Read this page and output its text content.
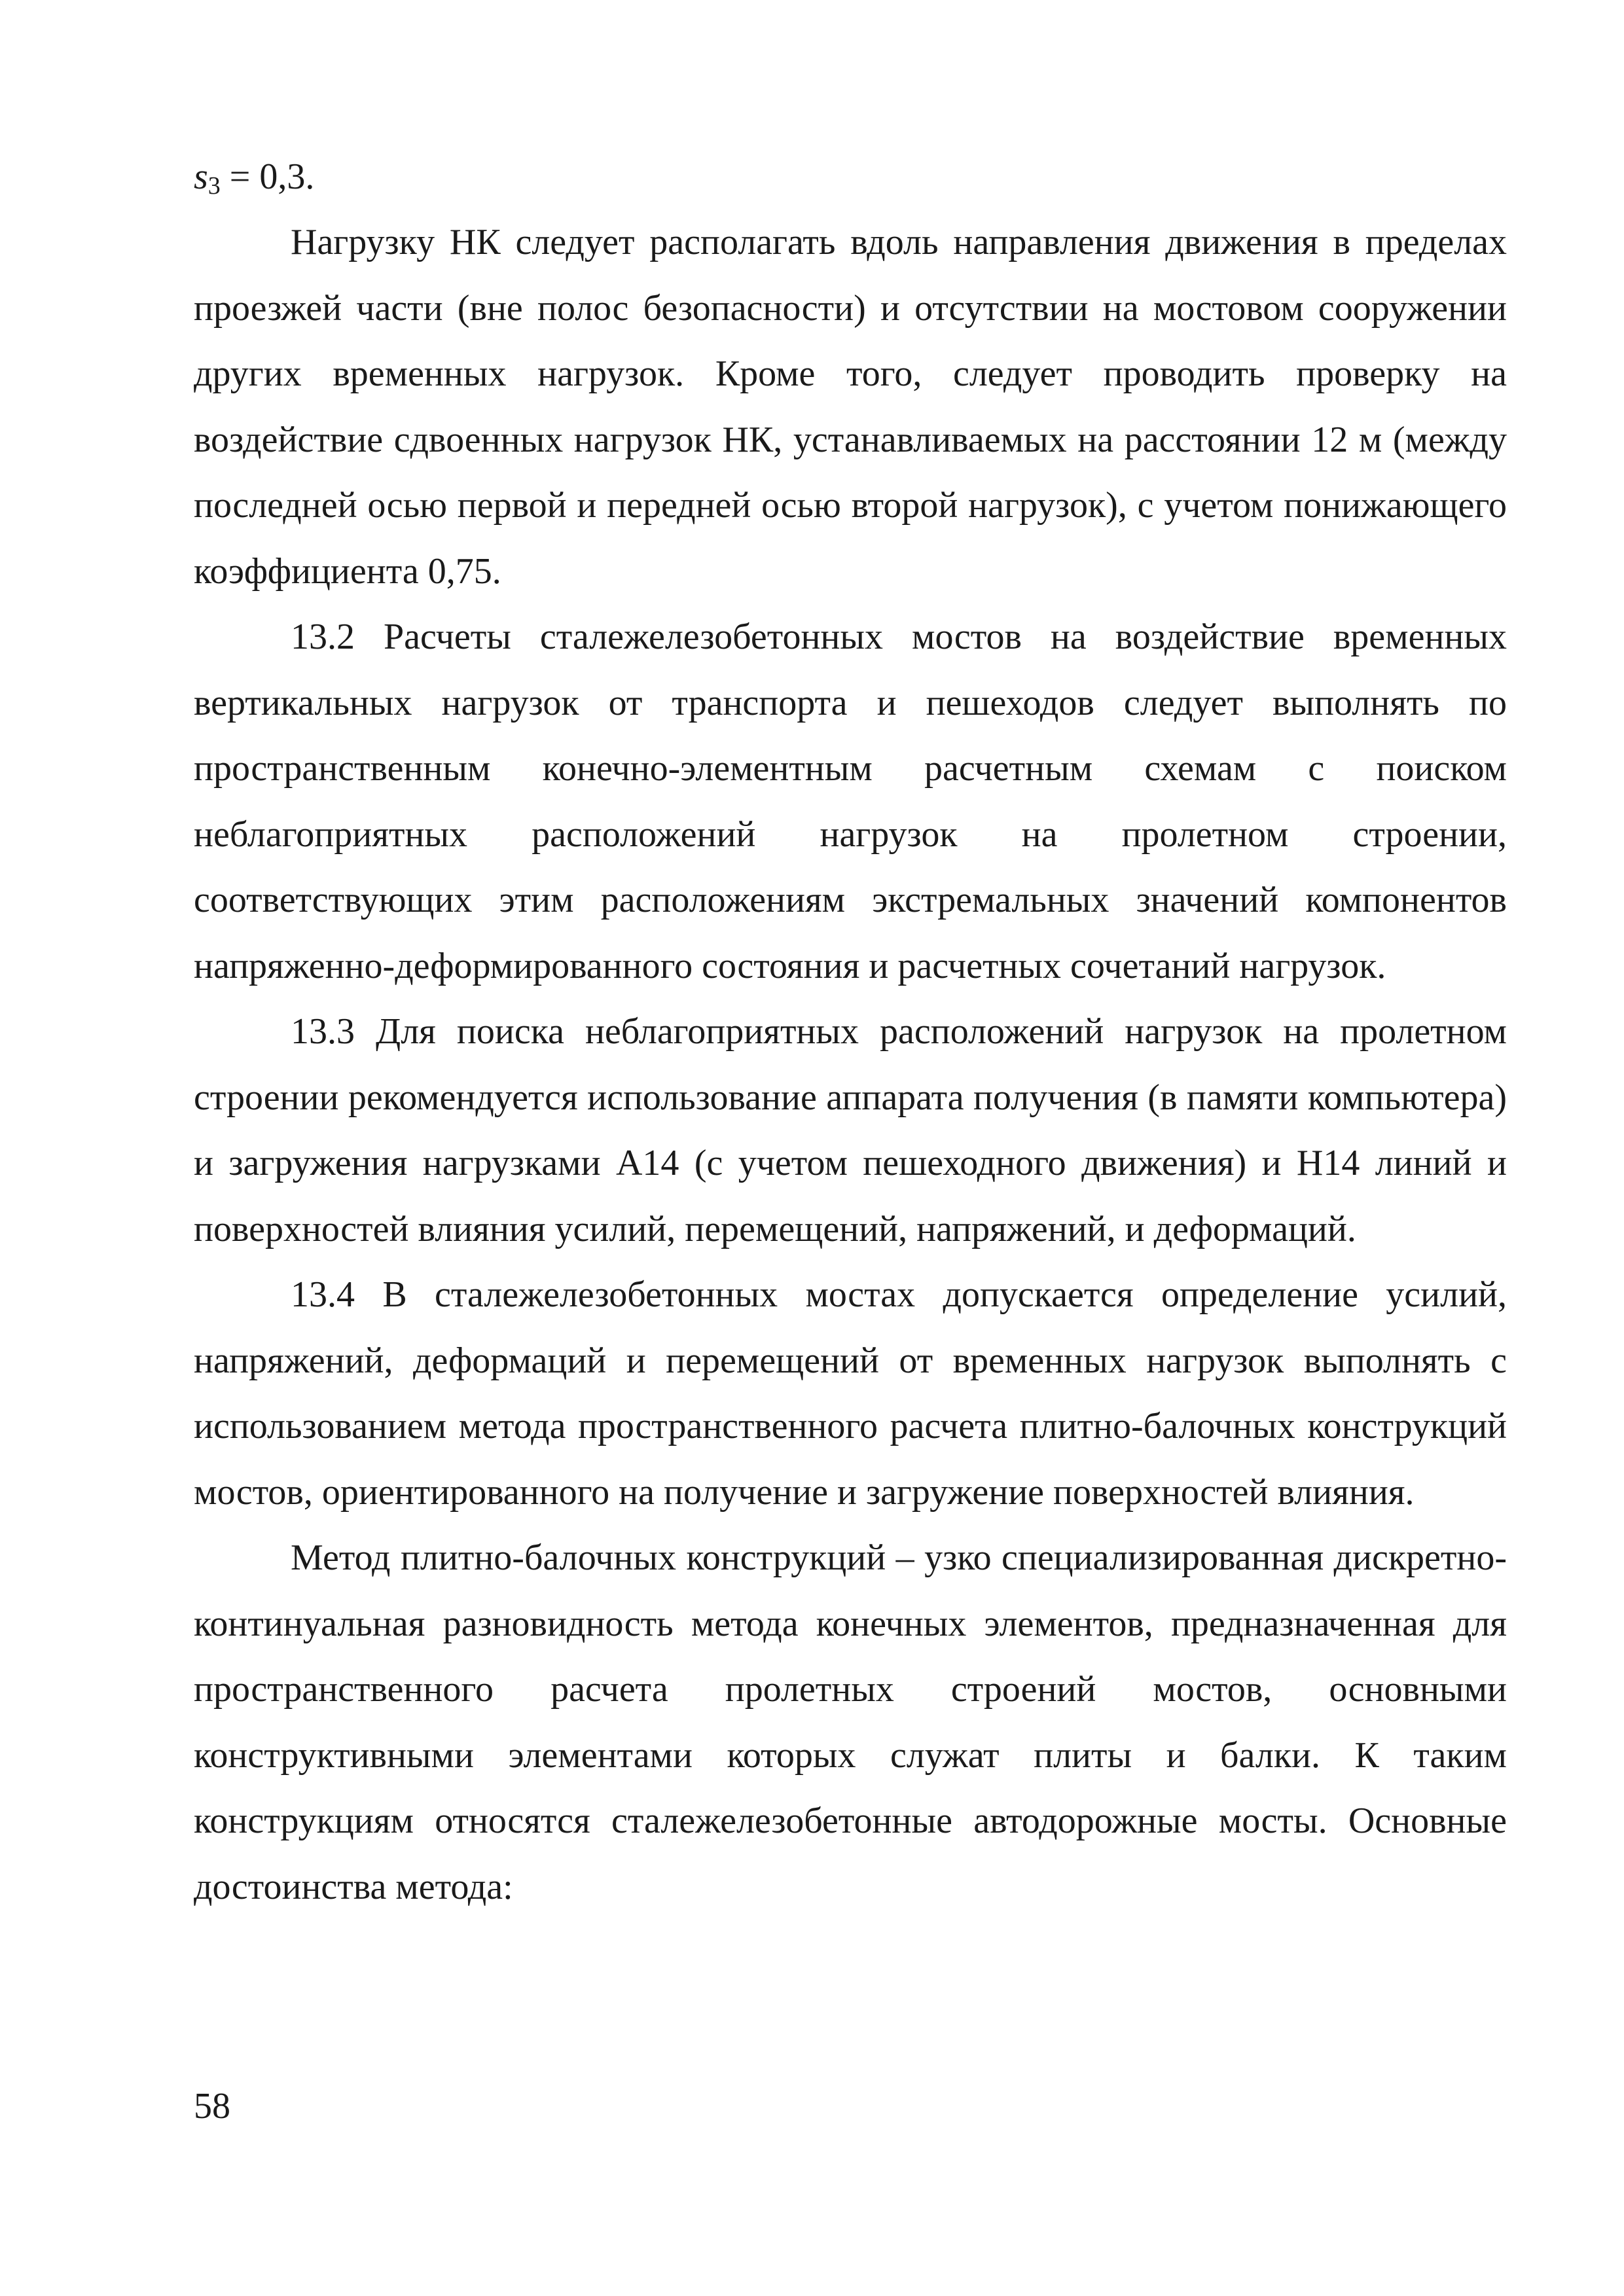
$s_3 = 0,3$.

Нагрузку НК следует располагать вдоль направления движения в пределах проезжей части (вне полос безопасности) и отсутствии на мостовом сооружении других временных нагрузок. Кроме того, следует проводить проверку на воздействие сдвоенных нагрузок НК, устанавливаемых на расстоянии 12 м (между последней осью первой и передней осью второй нагрузок), с учетом понижающего коэффициента 0,75.

13.2 Расчеты сталежелезобетонных мостов на воздействие временных вертикальных нагрузок от транспорта и пешеходов следует выполнять по пространственным конечно-элементным расчетным схемам с поиском неблагоприятных расположений нагрузок на пролетном строении, соответствующих этим расположениям экстремальных значений компонентов напряженно-деформированного состояния и расчетных сочетаний нагрузок.

13.3 Для поиска неблагоприятных расположений нагрузок на пролетном строении рекомендуется использование аппарата получения (в памяти компьютера) и загружения нагрузками А14 (с учетом пешеходного движения) и Н14 линий и поверхностей влияния усилий, перемещений, напряжений, и деформаций.

13.4 В сталежелезобетонных мостах допускается определение усилий, напряжений, деформаций и перемещений от временных нагрузок выполнять с использованием метода пространственного расчета плитно-балочных конструкций мостов, ориентированного на получение и загружение поверхностей влияния.

Метод плитно-балочных конструкций – узко специализированная дискретно-континуальная разновидность метода конечных элементов, предназначенная для пространственного расчета пролетных строений мостов, основными конструктивными элементами которых служат плиты и балки. К таким конструкциям относятся сталежелезобетонные автодорожные мосты. Основные достоинства метода:

58
